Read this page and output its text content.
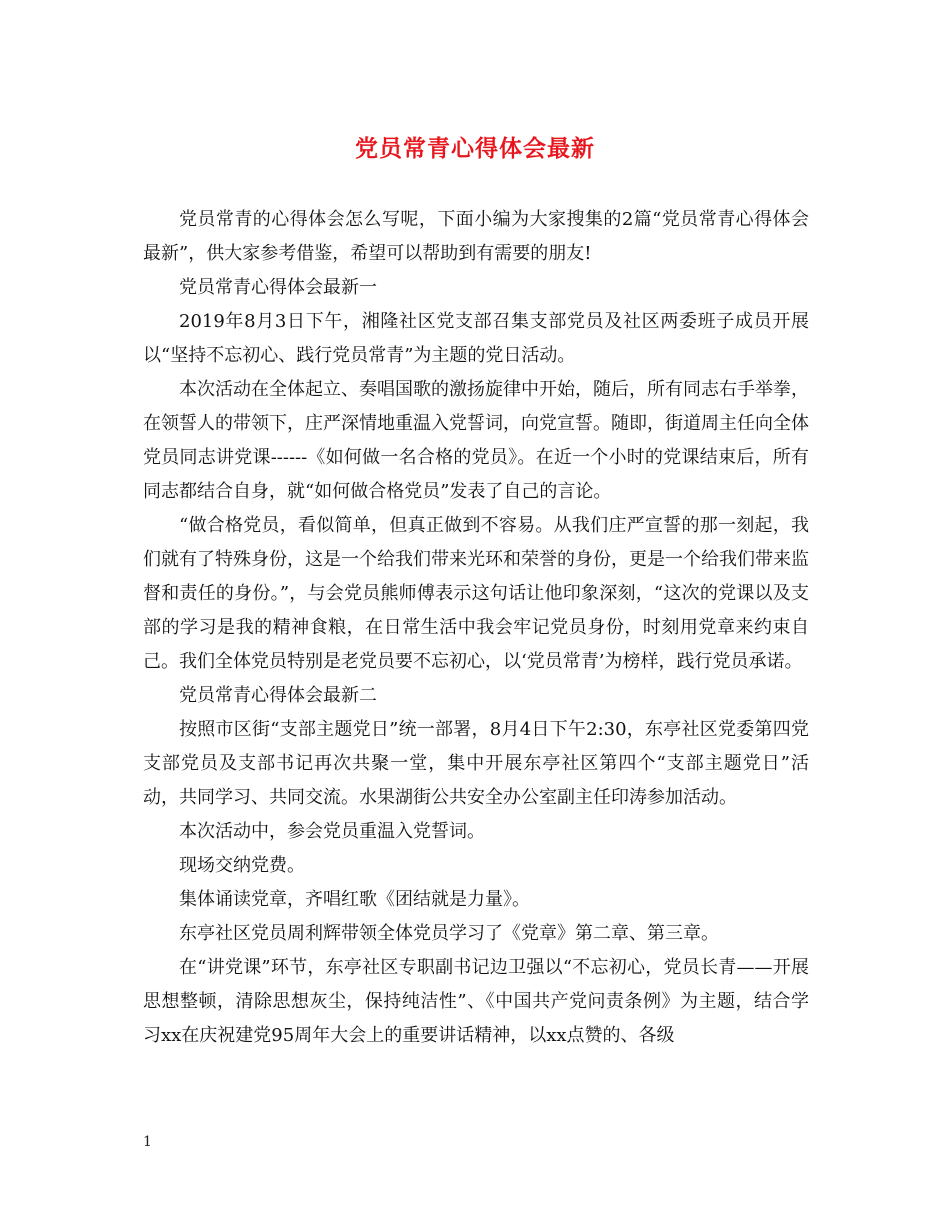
党员常青心得体会最新

党员常青的心得体会怎么写呢，下面小编为大家搜集的2篇“党员常青心得体会最新”，供大家参考借鉴，希望可以帮助到有需要的朋友!

党员常青心得体会最新一

2019年8月3日下午，湘隆社区党支部召集支部党员及社区两委班子成员开展以“坚持不忘初心、践行党员常青”为主题的党日活动。

本次活动在全体起立、奏唱国歌的激扬旋律中开始，随后，所有同志右手举拳，在领誓人的带领下，庄严深情地重温入党誓词，向党宣誓。随即，街道周主任向全体党员同志讲党课------《如何做一名合格的党员》。在近一个小时的党课结束后，所有同志都结合自身，就“如何做合格党员”发表了自己的言论。

“做合格党员，看似简单，但真正做到不容易。从我们庄严宣誓的那一刻起，我们就有了特殊身份，这是一个给我们带来光环和荣誉的身份，更是一个给我们带来监督和责任的身份。”，与会党员熊师傅表示这句话让他印象深刻，“这次的党课以及支部的学习是我的精神食粮，在日常生活中我会牢记党员身份，时刻用党章来约束自己。我们全体党员特别是老党员要不忘初心，以‘党员常青’为榜样，践行党员承诺。

党员常青心得体会最新二

按照市区街“支部主题党日”统一部署，8月4日下午2:30，东亭社区党委第四党支部党员及支部书记再次共聚一堂，集中开展东亭社区第四个“支部主题党日”活动，共同学习、共同交流。水果湖街公共安全办公室副主任印涛参加活动。

本次活动中，参会党员重温入党誓词。

现场交纳党费。

集体诵读党章，齐唱红歌《团结就是力量》。

东亭社区党员周利辉带领全体党员学习了《党章》第二章、第三章。

在“讲党课”环节，东亭社区专职副书记边卫强以“不忘初心，党员长青——开展思想整顿，清除思想灰尘，保持纯洁性”、《中国共产党问责条例》为主题，结合学习xx在庆祝建党95周年大会上的重要讲话精神，以xx点赞的、各级

1
